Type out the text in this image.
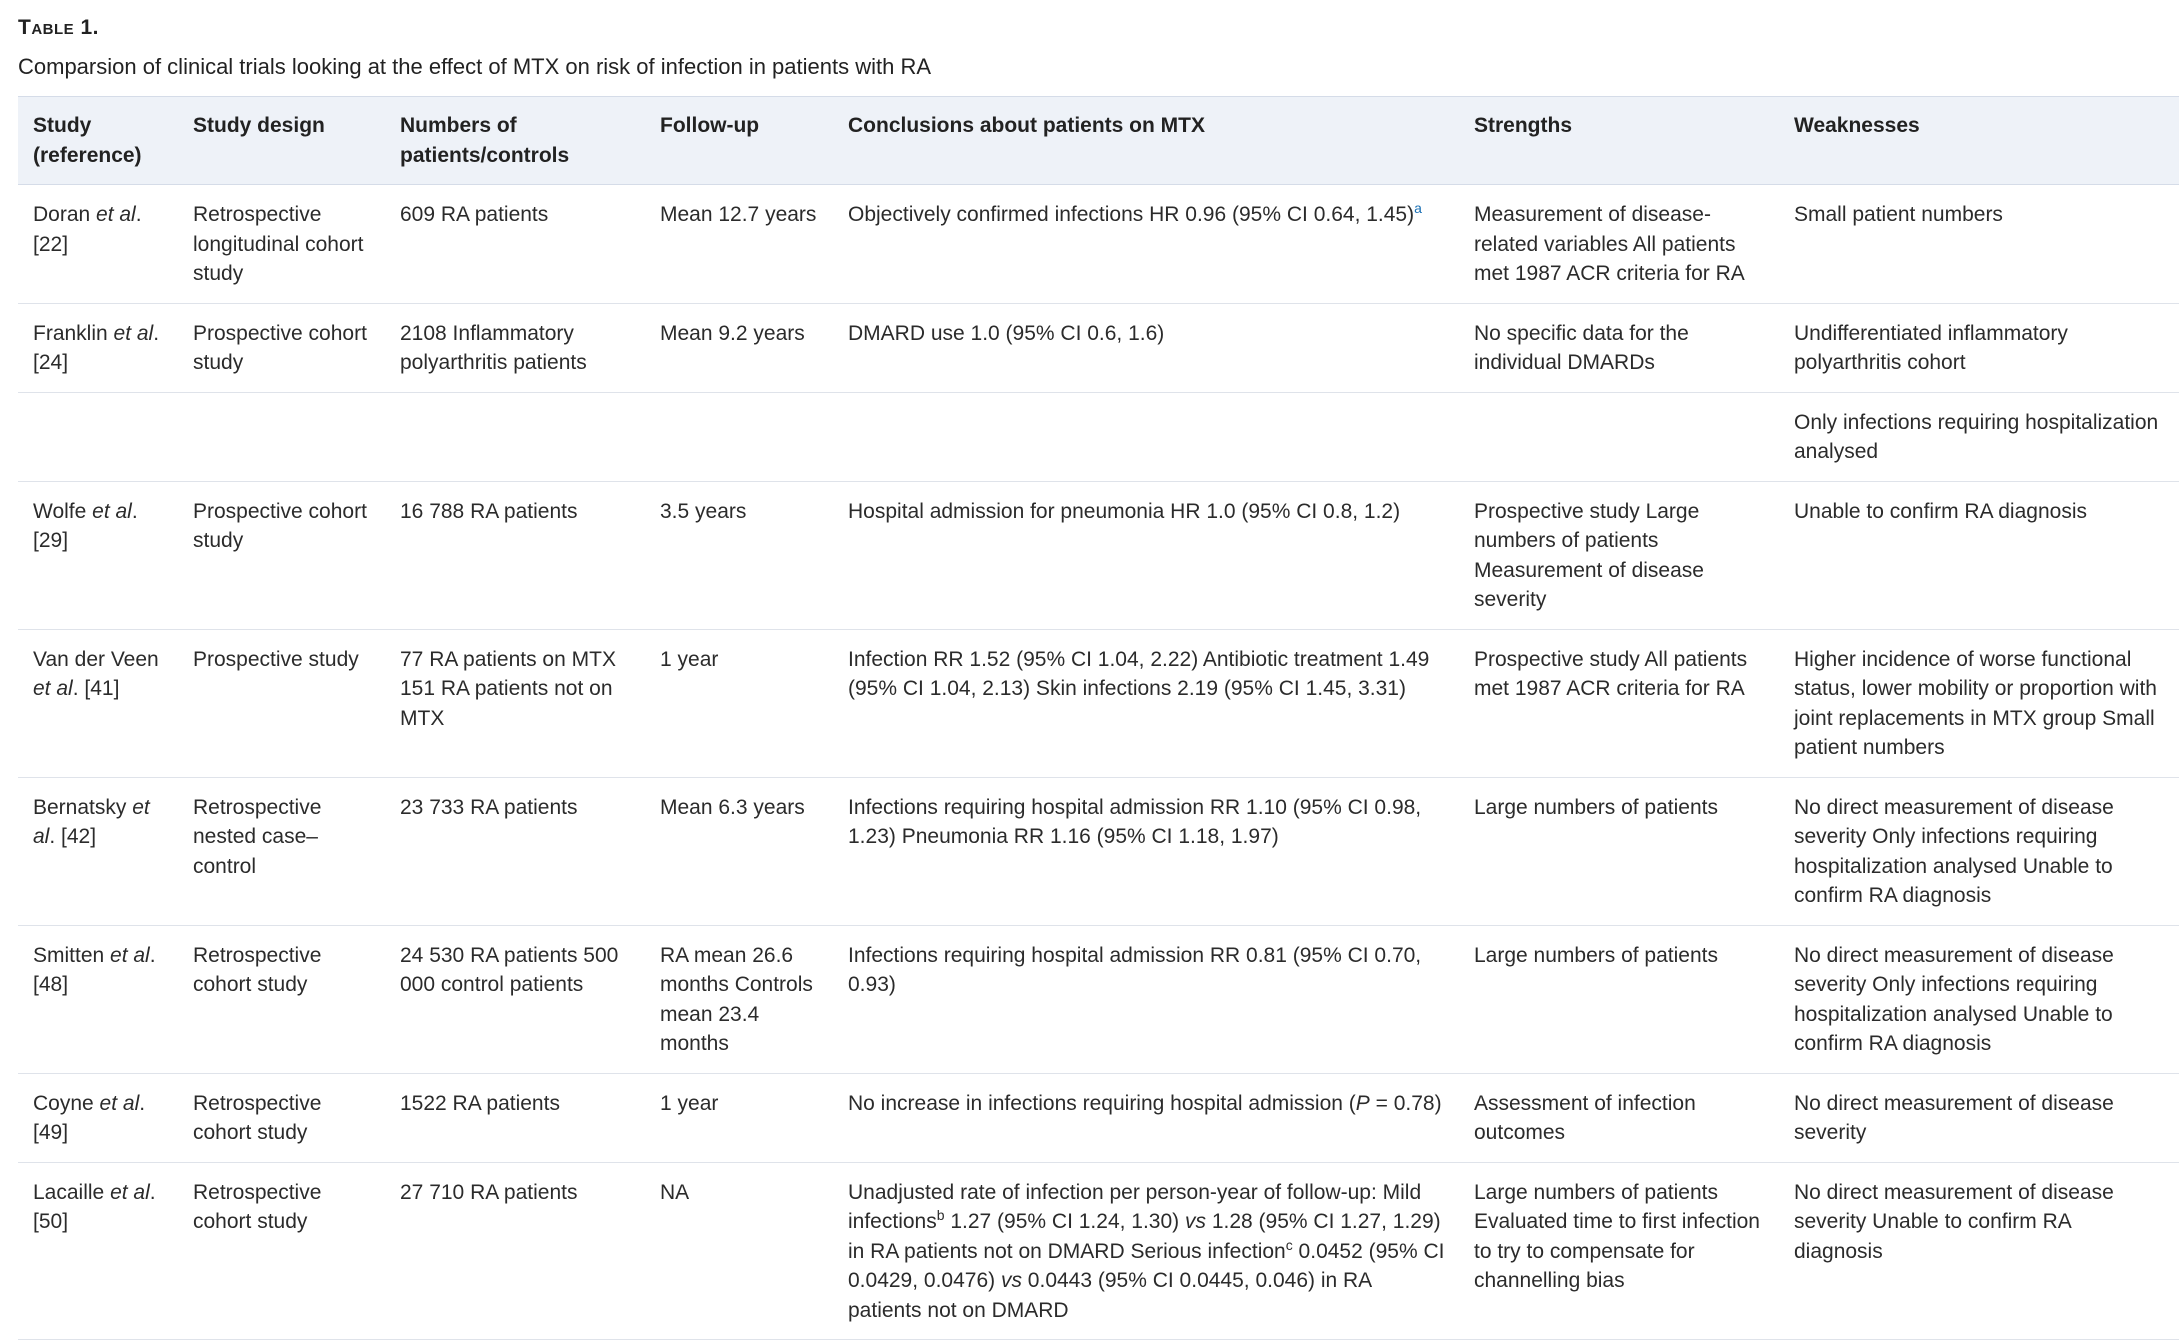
Table 1.
Comparsion of clinical trials looking at the effect of MTX on risk of infection in patients with RA
Study (reference)	Study design	Numbers of patients/controls	Follow-up	Conclusions about patients on MTX	Strengths	Weaknesses
Doran et al. [22]	Retrospective longitudinal cohort study	609 RA patients	Mean 12.7 years	Objectively confirmed infections HR 0.96 (95% CI 0.64, 1.45)$^a$	Measurement of disease-related variables All patients met 1987 ACR criteria for RA	Small patient numbers
Franklin et al. [24]	Prospective cohort study	2108 Inflammatory polyarthritis patients	Mean 9.2 years	DMARD use 1.0 (95% CI 0.6, 1.6)	No specific data for the individual DMARDs	Undifferentiated inflammatory polyarthritis cohort
						Only infections requiring hospitalization analysed
Wolfe et al. [29]	Prospective cohort study	16 788 RA patients	3.5 years	Hospital admission for pneumonia HR 1.0 (95% CI 0.8, 1.2)	Prospective study Large numbers of patients Measurement of disease severity	Unable to confirm RA diagnosis
Van der Veen et al. [41]	Prospective study	77 RA patients on MTX 151 RA patients not on MTX	1 year	Infection RR 1.52 (95% CI 1.04, 2.22) Antibiotic treatment 1.49 (95% CI 1.04, 2.13) Skin infections 2.19 (95% CI 1.45, 3.31)	Prospective study All patients met 1987 ACR criteria for RA	Higher incidence of worse functional status, lower mobility or proportion with joint replacements in MTX group Small patient numbers
Bernatsky et al. [42]	Retrospective nested case–control	23 733 RA patients	Mean 6.3 years	Infections requiring hospital admission RR 1.10 (95% CI 0.98, 1.23) Pneumonia RR 1.16 (95% CI 1.18, 1.97)	Large numbers of patients	No direct measurement of disease severity Only infections requiring hospitalization analysed Unable to confirm RA diagnosis
Smitten et al. [48]	Retrospective cohort study	24 530 RA patients 500 000 control patients	RA mean 26.6 months Controls mean 23.4 months	Infections requiring hospital admission RR 0.81 (95% CI 0.70, 0.93)	Large numbers of patients	No direct measurement of disease severity Only infections requiring hospitalization analysed Unable to confirm RA diagnosis
Coyne et al. [49]	Retrospective cohort study	1522 RA patients	1 year	No increase in infections requiring hospital admission (P = 0.78)	Assessment of infection outcomes	No direct measurement of disease severity
Lacaille et al. [50]	Retrospective cohort study	27 710 RA patients	NA	Unadjusted rate of infection per person-year of follow-up: Mild infections$^b$ 1.27 (95% CI 1.24, 1.30) vs 1.28 (95% CI 1.27, 1.29) in RA patients not on DMARD Serious infection$^c$ 0.0452 (95% CI 0.0429, 0.0476) vs 0.0443 (95% CI 0.0445, 0.046) in RA patients not on DMARD	Large numbers of patients Evaluated time to first infection to try to compensate for channelling bias	No direct measurement of disease severity Unable to confirm RA diagnosis
